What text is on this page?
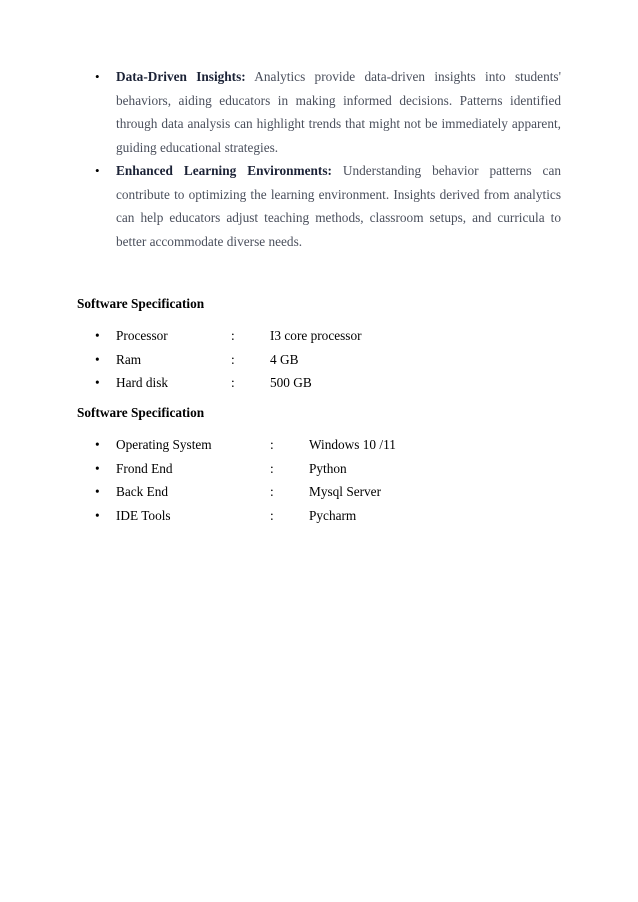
• Data-Driven Insights: Analytics provide data-driven insights into students' behaviors, aiding educators in making informed decisions. Patterns identified through data analysis can highlight trends that might not be immediately apparent, guiding educational strategies.
• Enhanced Learning Environments: Understanding behavior patterns can contribute to optimizing the learning environment. Insights derived from analytics can help educators adjust teaching methods, classroom setups, and curricula to better accommodate diverse needs.
Software Specification
• Processor	:	I3 core processor
• Ram	:	4 GB
• Hard disk	:	500 GB
Software Specification
• Operating System	:	Windows 10 /11
• Frond End	:	Python
• Back End	:	Mysql Server
• IDE Tools	:	Pycharm
